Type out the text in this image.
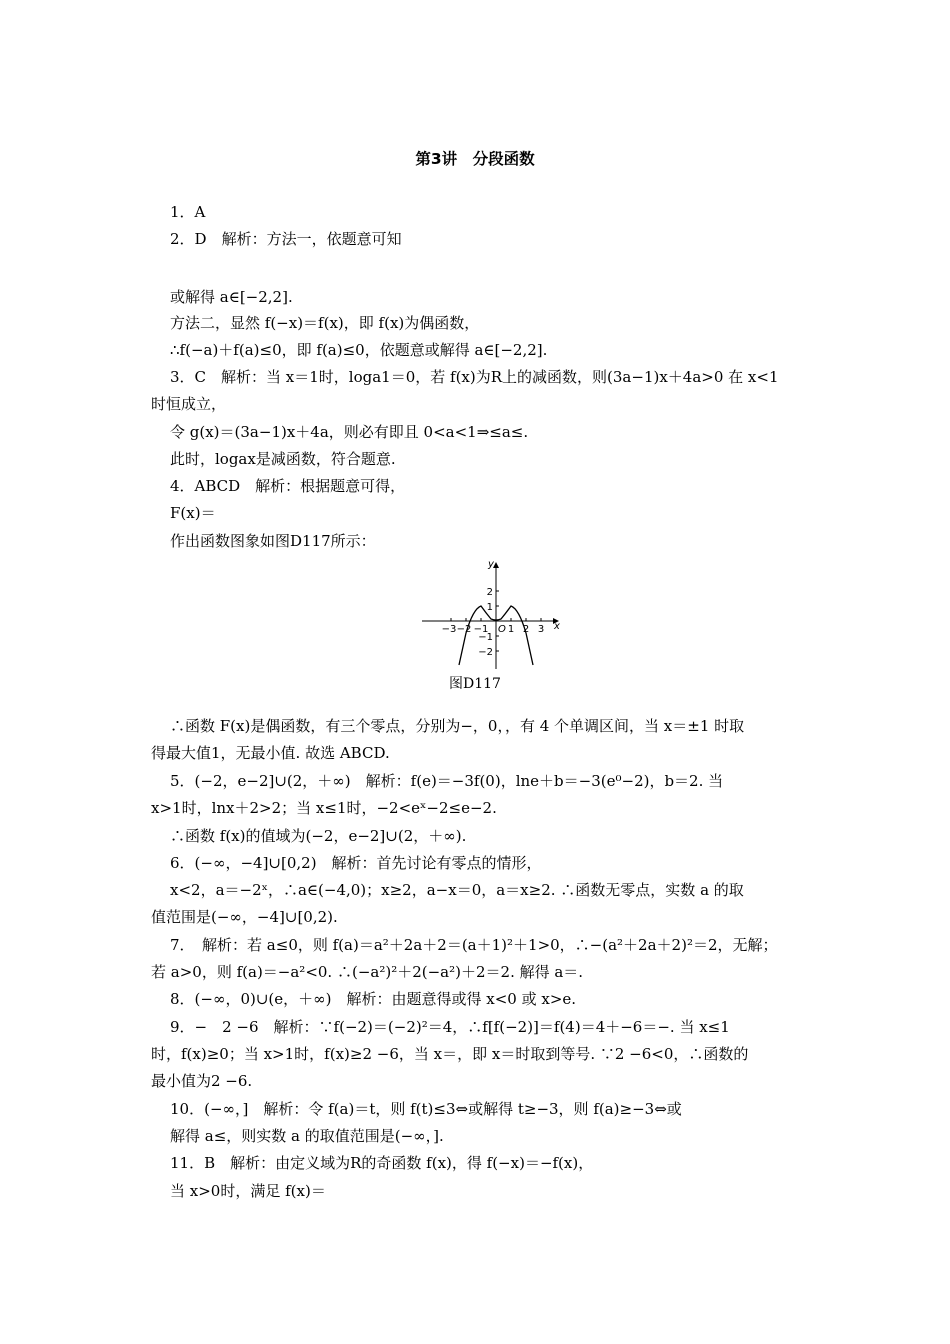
第3讲　分段函数
1．A
2．D　解析：方法一，依题意可知
或解得 a∈[−2,2].
方法二，显然 f(−x)＝f(x)，即 f(x)为偶函数，
∴f(−a)＋f(a)≤0，即 f(a)≤0，依题意或解得 a∈[−2,2].
3．C　解析：当 x＝1时，loga1＝0，若 f(x)为R上的减函数，则(3a−1)x＋4a>0 在 x<1
时恒成立，
令 g(x)＝(3a−1)x＋4a，则必有即且 0<a<1⇒≤a≤.
此时，logax是减函数，符合题意.
4．ABCD　解析：根据题意可得，
F(x)＝
作出函数图象如图D117所示：
∴函数 F(x)是偶函数，有三个零点，分别为−，0，，有 4 个单调区间，当 x＝±1 时取
得最大值1，无最小值. 故选 ABCD.
5．(−2，e−2]∪(2，＋∞)　解析：f(e)＝−3f(0)，lne＋b＝−3(e⁰−2)，b＝2. 当
x>1时，lnx＋2>2；当 x≤1时，−2<eˣ−2≤e−2.
∴函数 f(x)的值域为(−2，e−2]∪(2，＋∞).
6．(−∞，−4]∪[0,2)　解析：首先讨论有零点的情形，
x<2，a＝−2ˣ，∴a∈(−4,0)；x≥2，a−x＝0，a＝x≥2. ∴函数无零点，实数 a 的取
值范围是(−∞，−4]∪[0,2).
7．　解析：若 a≤0，则 f(a)＝a²＋2a＋2＝(a＋1)²＋1>0，∴−(a²＋2a＋2)²＝2，无解；
若 a>0，则 f(a)＝−a²<0. ∴(−a²)²＋2(−a²)＋2＝2. 解得 a＝.
8．(−∞，0)∪(e，＋∞)　解析：由题意得或得 x<0 或 x>e.
9．−　2 −6　解析：∵f(−2)＝(−2)²＝4，∴f[f(−2)]＝f(4)＝4＋−6＝−. 当 x≤1
时，f(x)≥0；当 x>1时，f(x)≥2 −6，当 x＝，即 x＝时取到等号. ∵2 −6<0，∴函数的
最小值为2 −6.
10．(−∞，]　解析：令 f(a)＝t，则 f(t)≤3⇔或解得 t≥−3，则 f(a)≥−3⇔或
解得 a≤，则实数 a 的取值范围是(−∞，].
11．B　解析：由定义域为R的奇函数 f(x)，得 f(−x)＝−f(x)，
当 x>0时，满足 f(x)＝
y
x
O
−3 −2 −1 1 2 3
2
1
−1
−2
图D117
